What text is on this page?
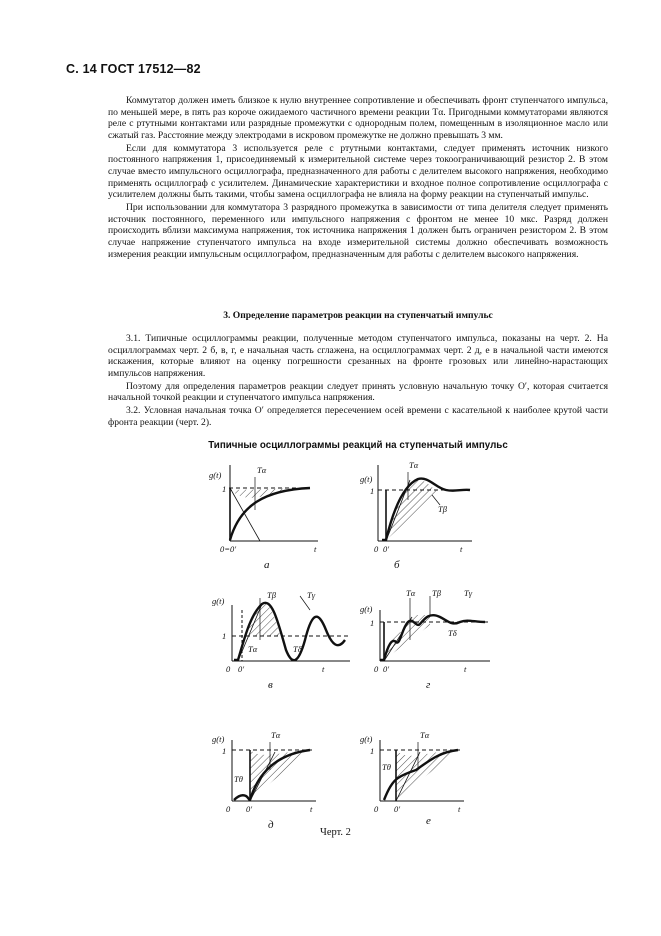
С. 14 ГОСТ 17512—82

Коммутатор должен иметь близкое к нулю внутреннее сопротивление и обеспечивать фронт ступенчатого импульса, по меньшей мере, в пять раз короче ожидаемого частичного времени реакции Tα. Пригодными коммутаторами являются реле с ртутными контактами или разрядные промежутки с однородным полем, помещенным в изоляционное масло или сжатый газ. Расстояние между электродами в искровом промежутке не должно превышать 3 мм.

Если для коммутатора 3 используется реле с ртутными контактами, следует применять источник низкого постоянного напряжения 1, присоединяемый к измерительной системе через токоограничивающий резистор 2. В этом случае вместо импульсного осциллографа, предназначенного для работы с делителем высокого напряжения, необходимо применять осциллограф с усилителем. Динамические характеристики и входное полное сопротивление осциллографа с усилителем должны быть такими, чтобы замена осциллографа не влияла на форму реакции на ступенчатый импульс.

При использовании для коммутатора 3 разрядного промежутка в зависимости от типа делителя следует применять источник постоянного, переменного или импульсного напряжения с фронтом не менее 10 мкс. Разряд должен происходить вблизи максимума напряжения, ток источника напряжения 1 должен быть ограничен резистором 2. В этом случае напряжение ступенчатого импульса на входе измерительной системы должно обеспечивать возможность измерения реакции импульсным осциллографом, предназначенным для работы с делителем высокого напряжения.

3. Определение параметров реакции на ступенчатый импульс

3.1. Типичные осциллограммы реакции, полученные методом ступенчатого импульса, показаны на черт. 2. На осциллограммах черт. 2 б, в, г, е начальная часть сглажена, на осциллограммах черт. 2 д, е в начальной части имеются искажения, которые влияют на оценку погрешности срезанных на фронте грозовых или линейно-нарастающих импульсов напряжения.

Поэтому для определения параметров реакции следует принять условную начальную точку O′, которая считается начальной точкой реакции и ступенчатого импульса напряжения.

3.2. Условная начальная точка O′ определяется пересечением осей времени с касательной к наиболее крутой части фронта реакции (черт. 2).

Типичные осциллограммы реакций на ступенчатый импульс
g(t)
1
Tα
0=0′	t
а
g(t)
1
Tα
Tβ
0 0′	t
б
g(t)
1
Tβ	Tγ
Tα	Tδ
0 0′	t
в
g(t)
1
Tα Tβ	Tγ
Tδ
0 0′	t
г
g(t)
1
Tα
Tθ
0 0′	t
д
g(t)
1
Tα
Tθ
0 0′	t
е
Черт. 2
